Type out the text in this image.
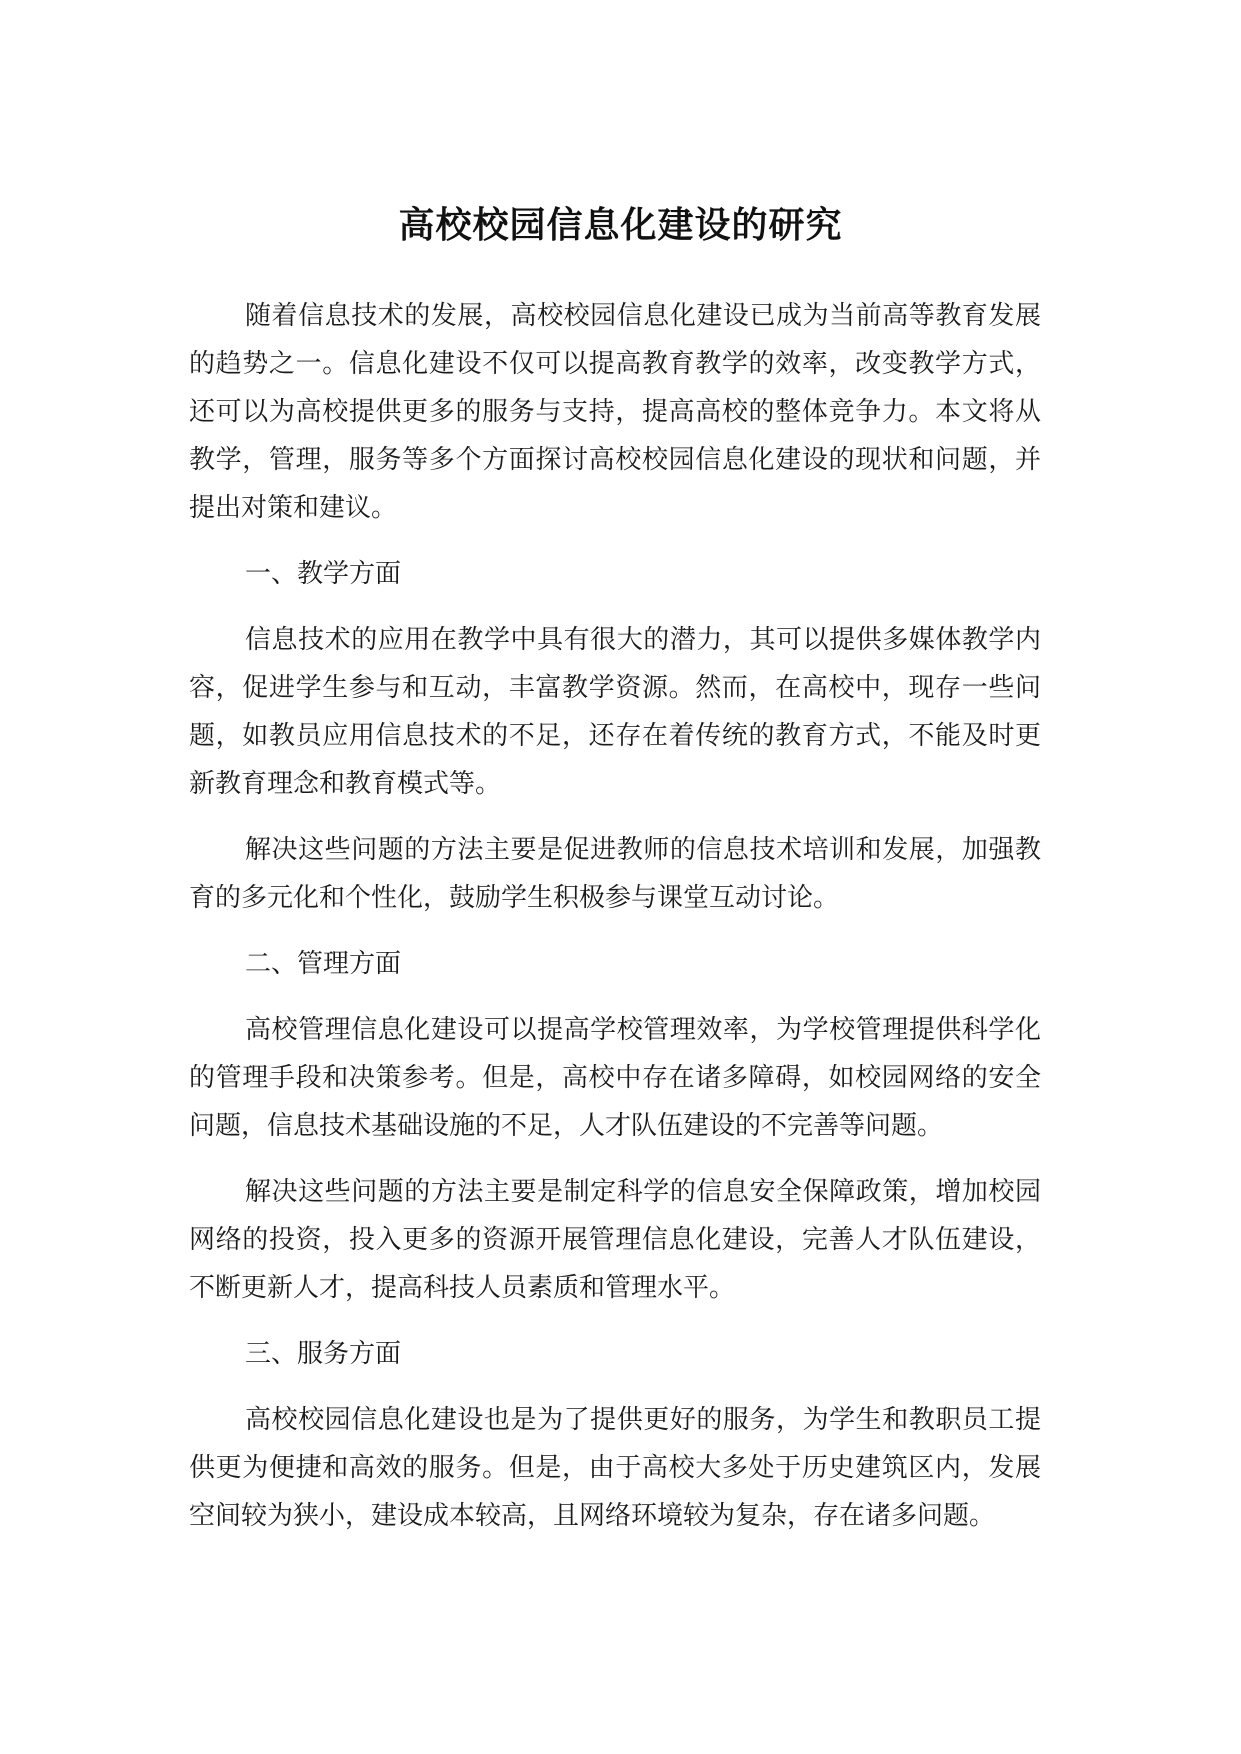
高校校园信息化建设的研究

随着信息技术的发展，高校校园信息化建设已成为当前高等教育发展的趋势之一。信息化建设不仅可以提高教育教学的效率，改变教学方式，还可以为高校提供更多的服务与支持，提高高校的整体竞争力。本文将从教学，管理，服务等多个方面探讨高校校园信息化建设的现状和问题，并提出对策和建议。

一、教学方面

信息技术的应用在教学中具有很大的潜力，其可以提供多媒体教学内容，促进学生参与和互动，丰富教学资源。然而，在高校中，现存一些问题，如教员应用信息技术的不足，还存在着传统的教育方式，不能及时更新教育理念和教育模式等。

解决这些问题的方法主要是促进教师的信息技术培训和发展，加强教育的多元化和个性化，鼓励学生积极参与课堂互动讨论。

二、管理方面

高校管理信息化建设可以提高学校管理效率，为学校管理提供科学化的管理手段和决策参考。但是，高校中存在诸多障碍，如校园网络的安全问题，信息技术基础设施的不足，人才队伍建设的不完善等问题。

解决这些问题的方法主要是制定科学的信息安全保障政策，增加校园网络的投资，投入更多的资源开展管理信息化建设，完善人才队伍建设，不断更新人才，提高科技人员素质和管理水平。

三、服务方面

高校校园信息化建设也是为了提供更好的服务，为学生和教职员工提供更为便捷和高效的服务。但是，由于高校大多处于历史建筑区内，发展空间较为狭小，建设成本较高，且网络环境较为复杂，存在诸多问题。
